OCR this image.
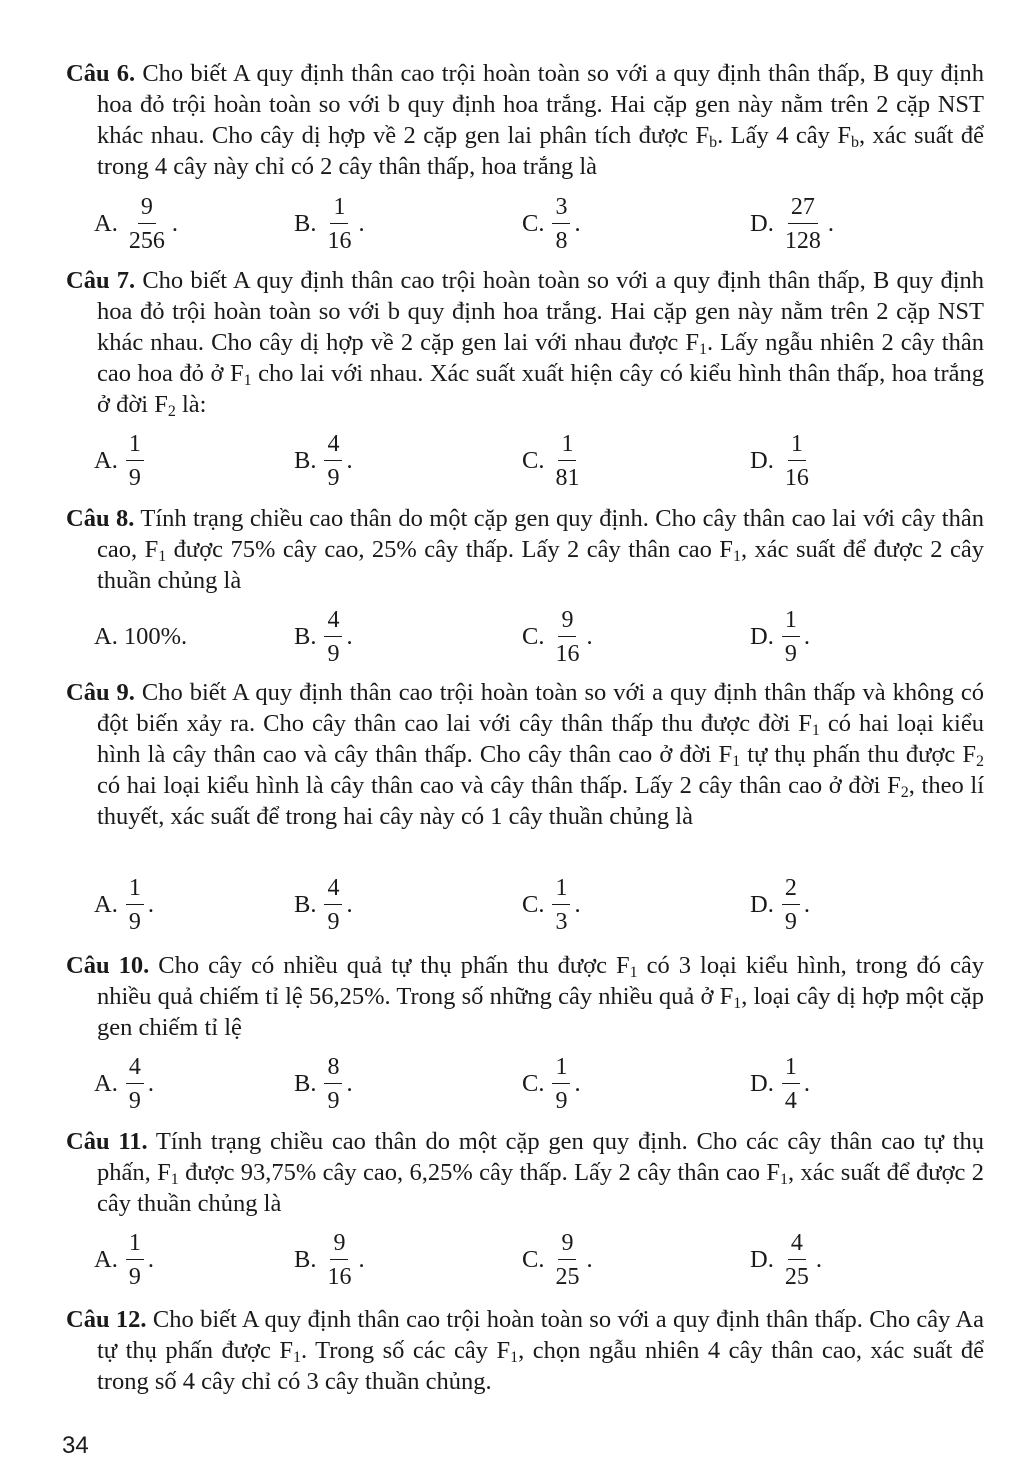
Câu 6. Cho biết A quy định thân cao trội hoàn toàn so với a quy định thân thấp, B quy định hoa đỏ trội hoàn toàn so với b quy định hoa trắng. Hai cặp gen này nằm trên 2 cặp NST khác nhau. Cho cây dị hợp về 2 cặp gen lai phân tích được $F_b$. Lấy 4 cây $F_b$, xác suất để trong 4 cây này chỉ có 2 cây thân thấp, hoa trắng là
A. $\frac{9}{256}$ .	B. $\frac{1}{16}$ .	C. $\frac{3}{8}$ .	D. $\frac{27}{128}$ .
Câu 7. Cho biết A quy định thân cao trội hoàn toàn so với a quy định thân thấp, B quy định hoa đỏ trội hoàn toàn so với b quy định hoa trắng. Hai cặp gen này nằm trên 2 cặp NST khác nhau. Cho cây dị hợp về 2 cặp gen lai với nhau được $F_1$. Lấy ngẫu nhiên 2 cây thân cao hoa đỏ ở $F_1$ cho lai với nhau. Xác suất xuất hiện cây có kiểu hình thân thấp, hoa trắng ở đời $F_2$ là:
A. $\frac{1}{9}$	B. $\frac{4}{9}$ .	C. $\frac{1}{81}$	D. $\frac{1}{16}$
Câu 8. Tính trạng chiều cao thân do một cặp gen quy định. Cho cây thân cao lai với cây thân cao, $F_1$ được 75% cây cao, 25% cây thấp. Lấy 2 cây thân cao $F_1$, xác suất để được 2 cây thuần chủng là
A. 100%.	B. $\frac{4}{9}$ .	C. $\frac{9}{16}$ .	D. $\frac{1}{9}$ .
Câu 9. Cho biết A quy định thân cao trội hoàn toàn so với a quy định thân thấp và không có đột biến xảy ra. Cho cây thân cao lai với cây thân thấp thu được đời $F_1$ có hai loại kiểu hình là cây thân cao và cây thân thấp. Cho cây thân cao ở đời $F_1$ tự thụ phấn thu được $F_2$ có hai loại kiểu hình là cây thân cao và cây thân thấp. Lấy 2 cây thân cao ở đời $F_2$, theo lí thuyết, xác suất để trong hai cây này có 1 cây thuần chủng là
A. $\frac{1}{9}$ .	B. $\frac{4}{9}$ .	C. $\frac{1}{3}$ .	D. $\frac{2}{9}$ .
Câu 10. Cho cây có nhiều quả tự thụ phấn thu được $F_1$ có 3 loại kiểu hình, trong đó cây nhiều quả chiếm tỉ lệ 56,25%. Trong số những cây nhiều quả ở $F_1$, loại cây dị hợp một cặp gen chiếm tỉ lệ
A. $\frac{4}{9}$ .	B. $\frac{8}{9}$ .	C. $\frac{1}{9}$ .	D. $\frac{1}{4}$ .
Câu 11. Tính trạng chiều cao thân do một cặp gen quy định. Cho các cây thân cao tự thụ phấn, $F_1$ được 93,75% cây cao, 6,25% cây thấp. Lấy 2 cây thân cao $F_1$, xác suất để được 2 cây thuần chủng là
A. $\frac{1}{9}$ .	B. $\frac{9}{16}$ .	C. $\frac{9}{25}$ .	D. $\frac{4}{25}$ .
Câu 12. Cho biết A quy định thân cao trội hoàn toàn so với a quy định thân thấp. Cho cây Aa tự thụ phấn được $F_1$. Trong số các cây $F_1$, chọn ngẫu nhiên 4 cây thân cao, xác suất để trong số 4 cây chỉ có 3 cây thuần chủng.
34
